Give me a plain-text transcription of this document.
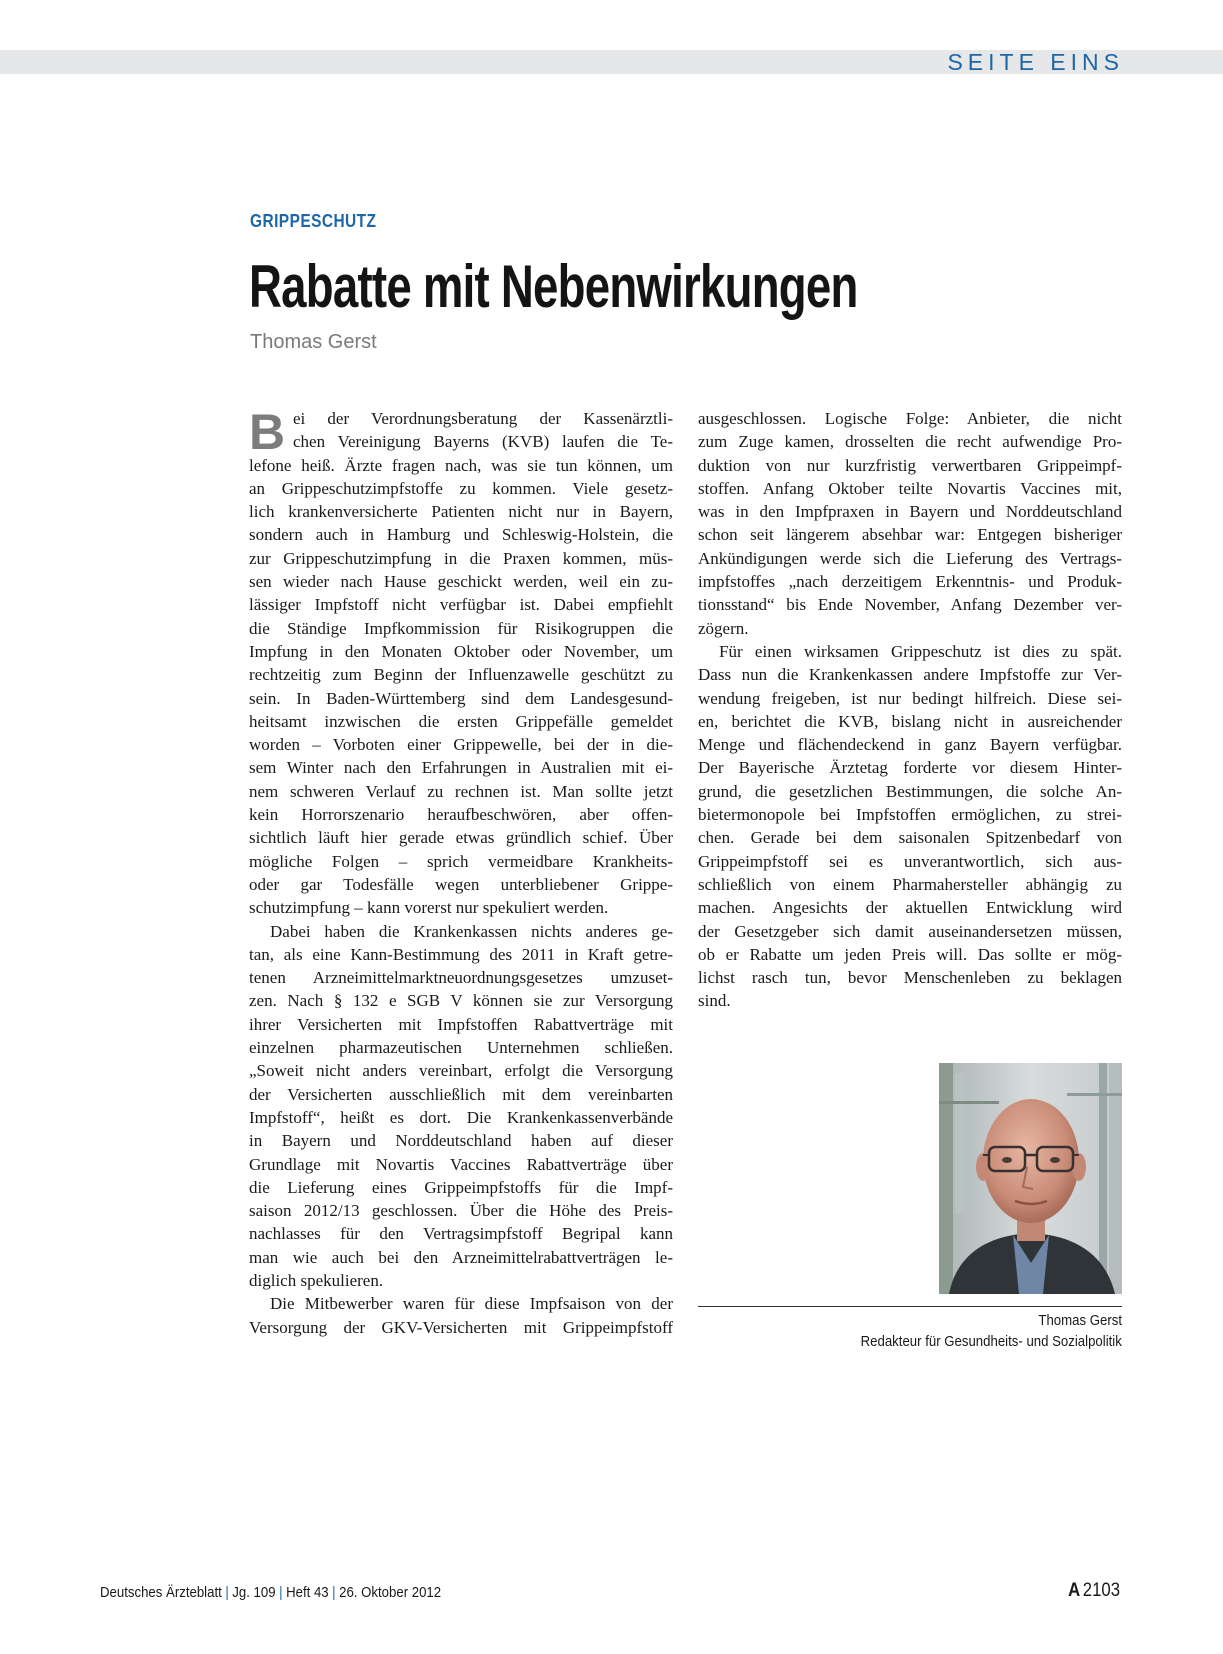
SEITE EINS
GRIPPESCHUTZ
Rabatte mit Nebenwirkungen
Thomas Gerst
B ei der Verordnungsberatung der Kassenärztli-
chen Vereinigung Bayerns (KVB) laufen die Te-
lefone heiß. Ärzte fragen nach, was sie tun können, um
an Grippeschutzimpfstoffe zu kommen. Viele gesetz-
lich krankenversicherte Patienten nicht nur in Bayern,
sondern auch in Hamburg und Schleswig-Holstein, die
zur Grippeschutzimpfung in die Praxen kommen, müs-
sen wieder nach Hause geschickt werden, weil ein zu-
lässiger Impfstoff nicht verfügbar ist. Dabei empfiehlt
die Ständige Impfkommission für Risikogruppen die
Impfung in den Monaten Oktober oder November, um
rechtzeitig zum Beginn der Influenzawelle geschützt zu
sein. In Baden-Württemberg sind dem Landesgesund-
heitsamt inzwischen die ersten Grippefälle gemeldet
worden – Vorboten einer Grippewelle, bei der in die-
sem Winter nach den Erfahrungen in Australien mit ei-
nem schweren Verlauf zu rechnen ist. Man sollte jetzt
kein Horrorszenario heraufbeschwören, aber offen-
sichtlich läuft hier gerade etwas gründlich schief. Über
mögliche Folgen – sprich vermeidbare Krankheits-
oder gar Todesfälle wegen unterbliebener Grippe-
schutzimpfung – kann vorerst nur spekuliert werden.
Dabei haben die Krankenkassen nichts anderes ge-
tan, als eine Kann-Bestimmung des 2011 in Kraft getre-
tenen Arzneimittelmarktneuordnungsgesetzes umzuset-
zen. Nach § 132 e SGB V können sie zur Versorgung
ihrer Versicherten mit Impfstoffen Rabattverträge mit
einzelnen pharmazeutischen Unternehmen schließen.
„Soweit nicht anders vereinbart, erfolgt die Versorgung
der Versicherten ausschließlich mit dem vereinbarten
Impfstoff“, heißt es dort. Die Krankenkassenverbände
in Bayern und Norddeutschland haben auf dieser
Grundlage mit Novartis Vaccines Rabattverträge über
die Lieferung eines Grippeimpfstoffs für die Impf-
saison 2012/13 geschlossen. Über die Höhe des Preis-
nachlasses für den Vertragsimpfstoff Begripal kann
man wie auch bei den Arzneimittelrabattverträgen le-
diglich spekulieren.
Die Mitbewerber waren für diese Impfsaison von der
Versorgung der GKV-Versicherten mit Grippeimpfstoff
ausgeschlossen. Logische Folge: Anbieter, die nicht
zum Zuge kamen, drosselten die recht aufwendige Pro-
duktion von nur kurzfristig verwertbaren Grippeimpf-
stoffen. Anfang Oktober teilte Novartis Vaccines mit,
was in den Impfpraxen in Bayern und Norddeutschland
schon seit längerem absehbar war: Entgegen bisheriger
Ankündigungen werde sich die Lieferung des Vertrags-
impfstoffes „nach derzeitigem Erkenntnis- und Produk-
tionsstand“ bis Ende November, Anfang Dezember ver-
zögern.
Für einen wirksamen Grippeschutz ist dies zu spät.
Dass nun die Krankenkassen andere Impfstoffe zur Ver-
wendung freigeben, ist nur bedingt hilfreich. Diese sei-
en, berichtet die KVB, bislang nicht in ausreichender
Menge und flächendeckend in ganz Bayern verfügbar.
Der Bayerische Ärztetag forderte vor diesem Hinter-
grund, die gesetzlichen Bestimmungen, die solche An-
bietermonopole bei Impfstoffen ermöglichen, zu strei-
chen. Gerade bei dem saisonalen Spitzenbedarf von
Grippeimpfstoff sei es unverantwortlich, sich aus-
schließlich von einem Pharmahersteller abhängig zu
machen. Angesichts der aktuellen Entwicklung wird
der Gesetzgeber sich damit auseinandersetzen müssen,
ob er Rabatte um jeden Preis will. Das sollte er mög-
lichst rasch tun, bevor Menschenleben zu beklagen
sind.
Thomas Gerst
Redakteur für Gesundheits- und Sozialpolitik
Deutsches Ärzteblatt | Jg. 109 | Heft 43 | 26. Oktober 2012	A 2103
